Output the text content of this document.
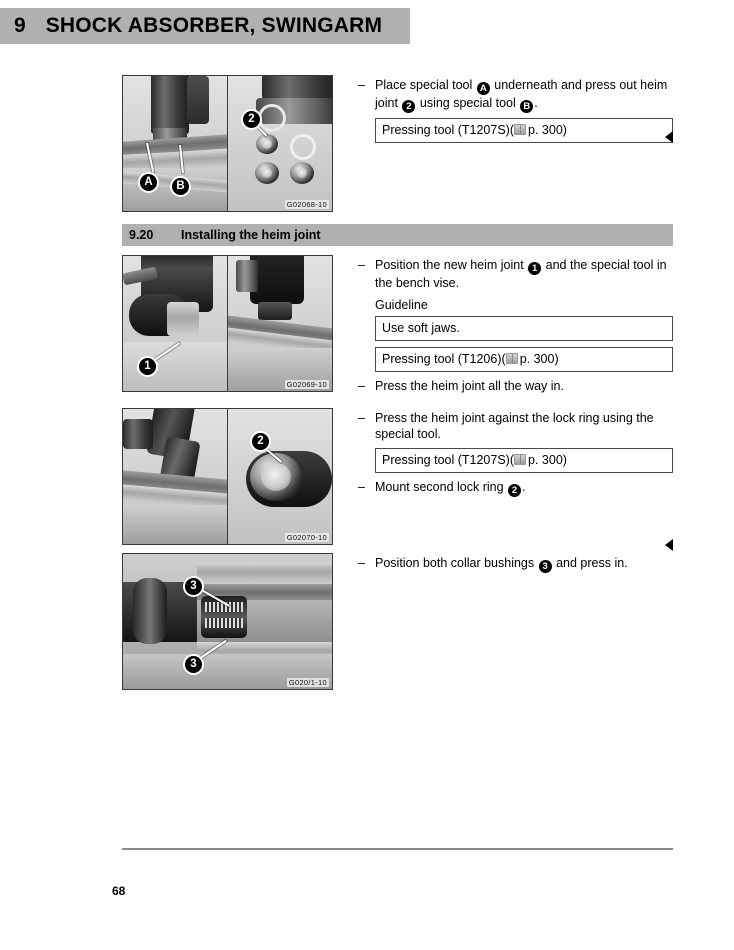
9 SHOCK ABSORBER, SWINGARM
A	B
2
G02068-10
– Place special tool A underneath and press out heim joint 2 using special tool B .
Pressing tool (T1207S)( p. 300)
9.20	Installing the heim joint
1
G02069-10
– Position the new heim joint 1 and the special tool in the bench vise.
Guideline
Use soft jaws.
Pressing tool (T1206)( p. 300)
– Press the heim joint all the way in.
2
G02070-10
– Press the heim joint against the lock ring using the special tool.
Pressing tool (T1207S)( p. 300)
– Mount second lock ring 2 .
3
3
G020/1-10
– Position both collar bushings 3 and press in.
68
